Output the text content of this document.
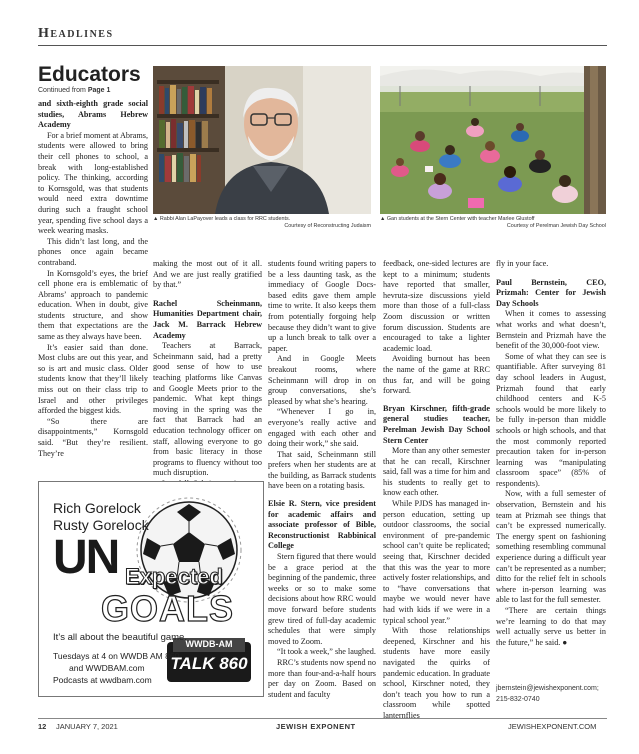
Headlines
Educators
Continued from Page 1
▲ Rabbi Alan LaPayover leads a class for RRC students.
Courtesy of Reconstructing Judaism
▲ Gan students at the Stern Center with teacher Marlee Glustoff
Courtesy of Perelman Jewish Day School

and sixth-eighth grade social studies, Abrams Hebrew Academy

For a brief moment at Abrams, students were allowed to bring their cell phones to school, a break with long-established policy. The thinking, according to Kornsgold, was that students would need extra downtime during such a fraught school year, spending five school days a week wearing masks.

This didn’t last long, and the phones once again became contraband.

In Kornsgold’s eyes, the brief cell phone era is emblematic of Abrams’ approach to pandemic education. When in doubt, give students structure, and show them that expectations are the same as they always have been.

It’s easier said than done. Most clubs are out this year, and so is art and music class. Older students know that they’ll likely miss out on their class trip to Israel and other privileges afforded the biggest kids.

“So there are disappointments,” Kornsgold said. “But they’re resilient. They’re

making the most out of it all. And we are just really gratified by that.”

Rachel Scheinmann, Humanities Department chair, Jack M. Barrack Hebrew Academy

Teachers at Barrack, Scheinmann said, had a pretty good sense of how to use teaching platforms like Canvas and Google Meets prior to the pandemic. What kept things moving in the spring was the fact that Barrack had an education technology officer on staff, allowing everyone to go from basic literacy in those programs to fluency without too much disruption.

students found writing papers to be a less daunting task, as the immediacy of Google Docs-based edits gave them ample time to write. It also keeps them from potentially forgoing help because they didn’t want to give up a lunch break to talk over a paper.

And in Google Meets breakout rooms, where Scheinmann will drop in on group conversations, she’s pleased by what she’s hearing.

“Whenever I go in, everyone’s really active and engaged with each other and doing their work,” she said.

That said, Scheinmann still prefers when her students are at the building, as Barrack students have been on a rotating basis.

Elsie R. Stern, vice president for academic affairs and associate professor of Bible, Reconstructionist Rabbinical College

Stern figured that there would be a grace period at the beginning of the pandemic, three weeks or so to make some decisions about how RRC would move forward before students grew tired of full-day academic schedules that were simply moved to Zoom.

“It took a week,” she laughed.

RRC’s students now spend no more than four-and-a-half hours per day on Zoom. Based on student and faculty

feedback, one-sided lectures are kept to a minimum; students have reported that smaller, hevruta-size discussions yield more than those of a full-class Zoom discussion or written forum discussion. Students are encouraged to take a lighter academic load.

Avoiding burnout has been the name of the game at RRC thus far, and will be going forward.

Bryan Kirschner, fifth-grade general studies teacher, Perelman Jewish Day School Stern Center

More than any other semester that he can recall, Kirschner said, fall was a time for him and his students to really get to know each other.

While PJDS has managed in-person education, setting up outdoor classrooms, the social environment of pre-pandemic school can’t quite be replicated; seeing that, Kirschner decided that this was the year to more actively foster relationships, and to “have conversations that maybe we would never have had with kids if we were in a typical school year.”

With those relationships deepened, Kirschner and his students have more easily navigated the quirks of pandemic education. In graduate school, Kirschner noted, they don’t teach you how to run a classroom while spotted lanternflies

fly in your face.

Paul Bernstein, CEO, Prizmah: Center for Jewish Day Schools

When it comes to assessing what works and what doesn’t, Bernstein and Prizmah have the benefit of the 30,000-foot view.

Some of what they can see is quantifiable. After surveying 81 day school leaders in August, Prizmah found that early childhood centers and K-5 schools would be more likely to be fully in-person than middle schools or high schools, and that the most commonly reported precaution taken for in-person learning was “manipulating classroom space” (85% of respondents).

Now, with a full semester of observation, Bernstein and his team at Prizmah see things that can’t be expressed numerically. The energy spent on fashioning something resembling communal experience during a difficult year can’t be represented as a number; ditto for the relief felt in schools where in-person learning was able to last for the full semester.

“There are certain things we’re learning to do that may well actually serve us better in the future,” he said. ●

jbernstein@jewishexponent.com;
215-832-0740
Rich Gorelock
Rusty Gorelock
UN Expected
GOALS
It’s all about the beautiful game.
Tuesdays at 4 on WWDB AM 860
and WWDBAM.com
Podcasts at wwdbam.com
WWDB-AM
TALK 860
12 JANUARY 7, 2021	JEWISH EXPONENT	JEWISHEXPONENT.COM
